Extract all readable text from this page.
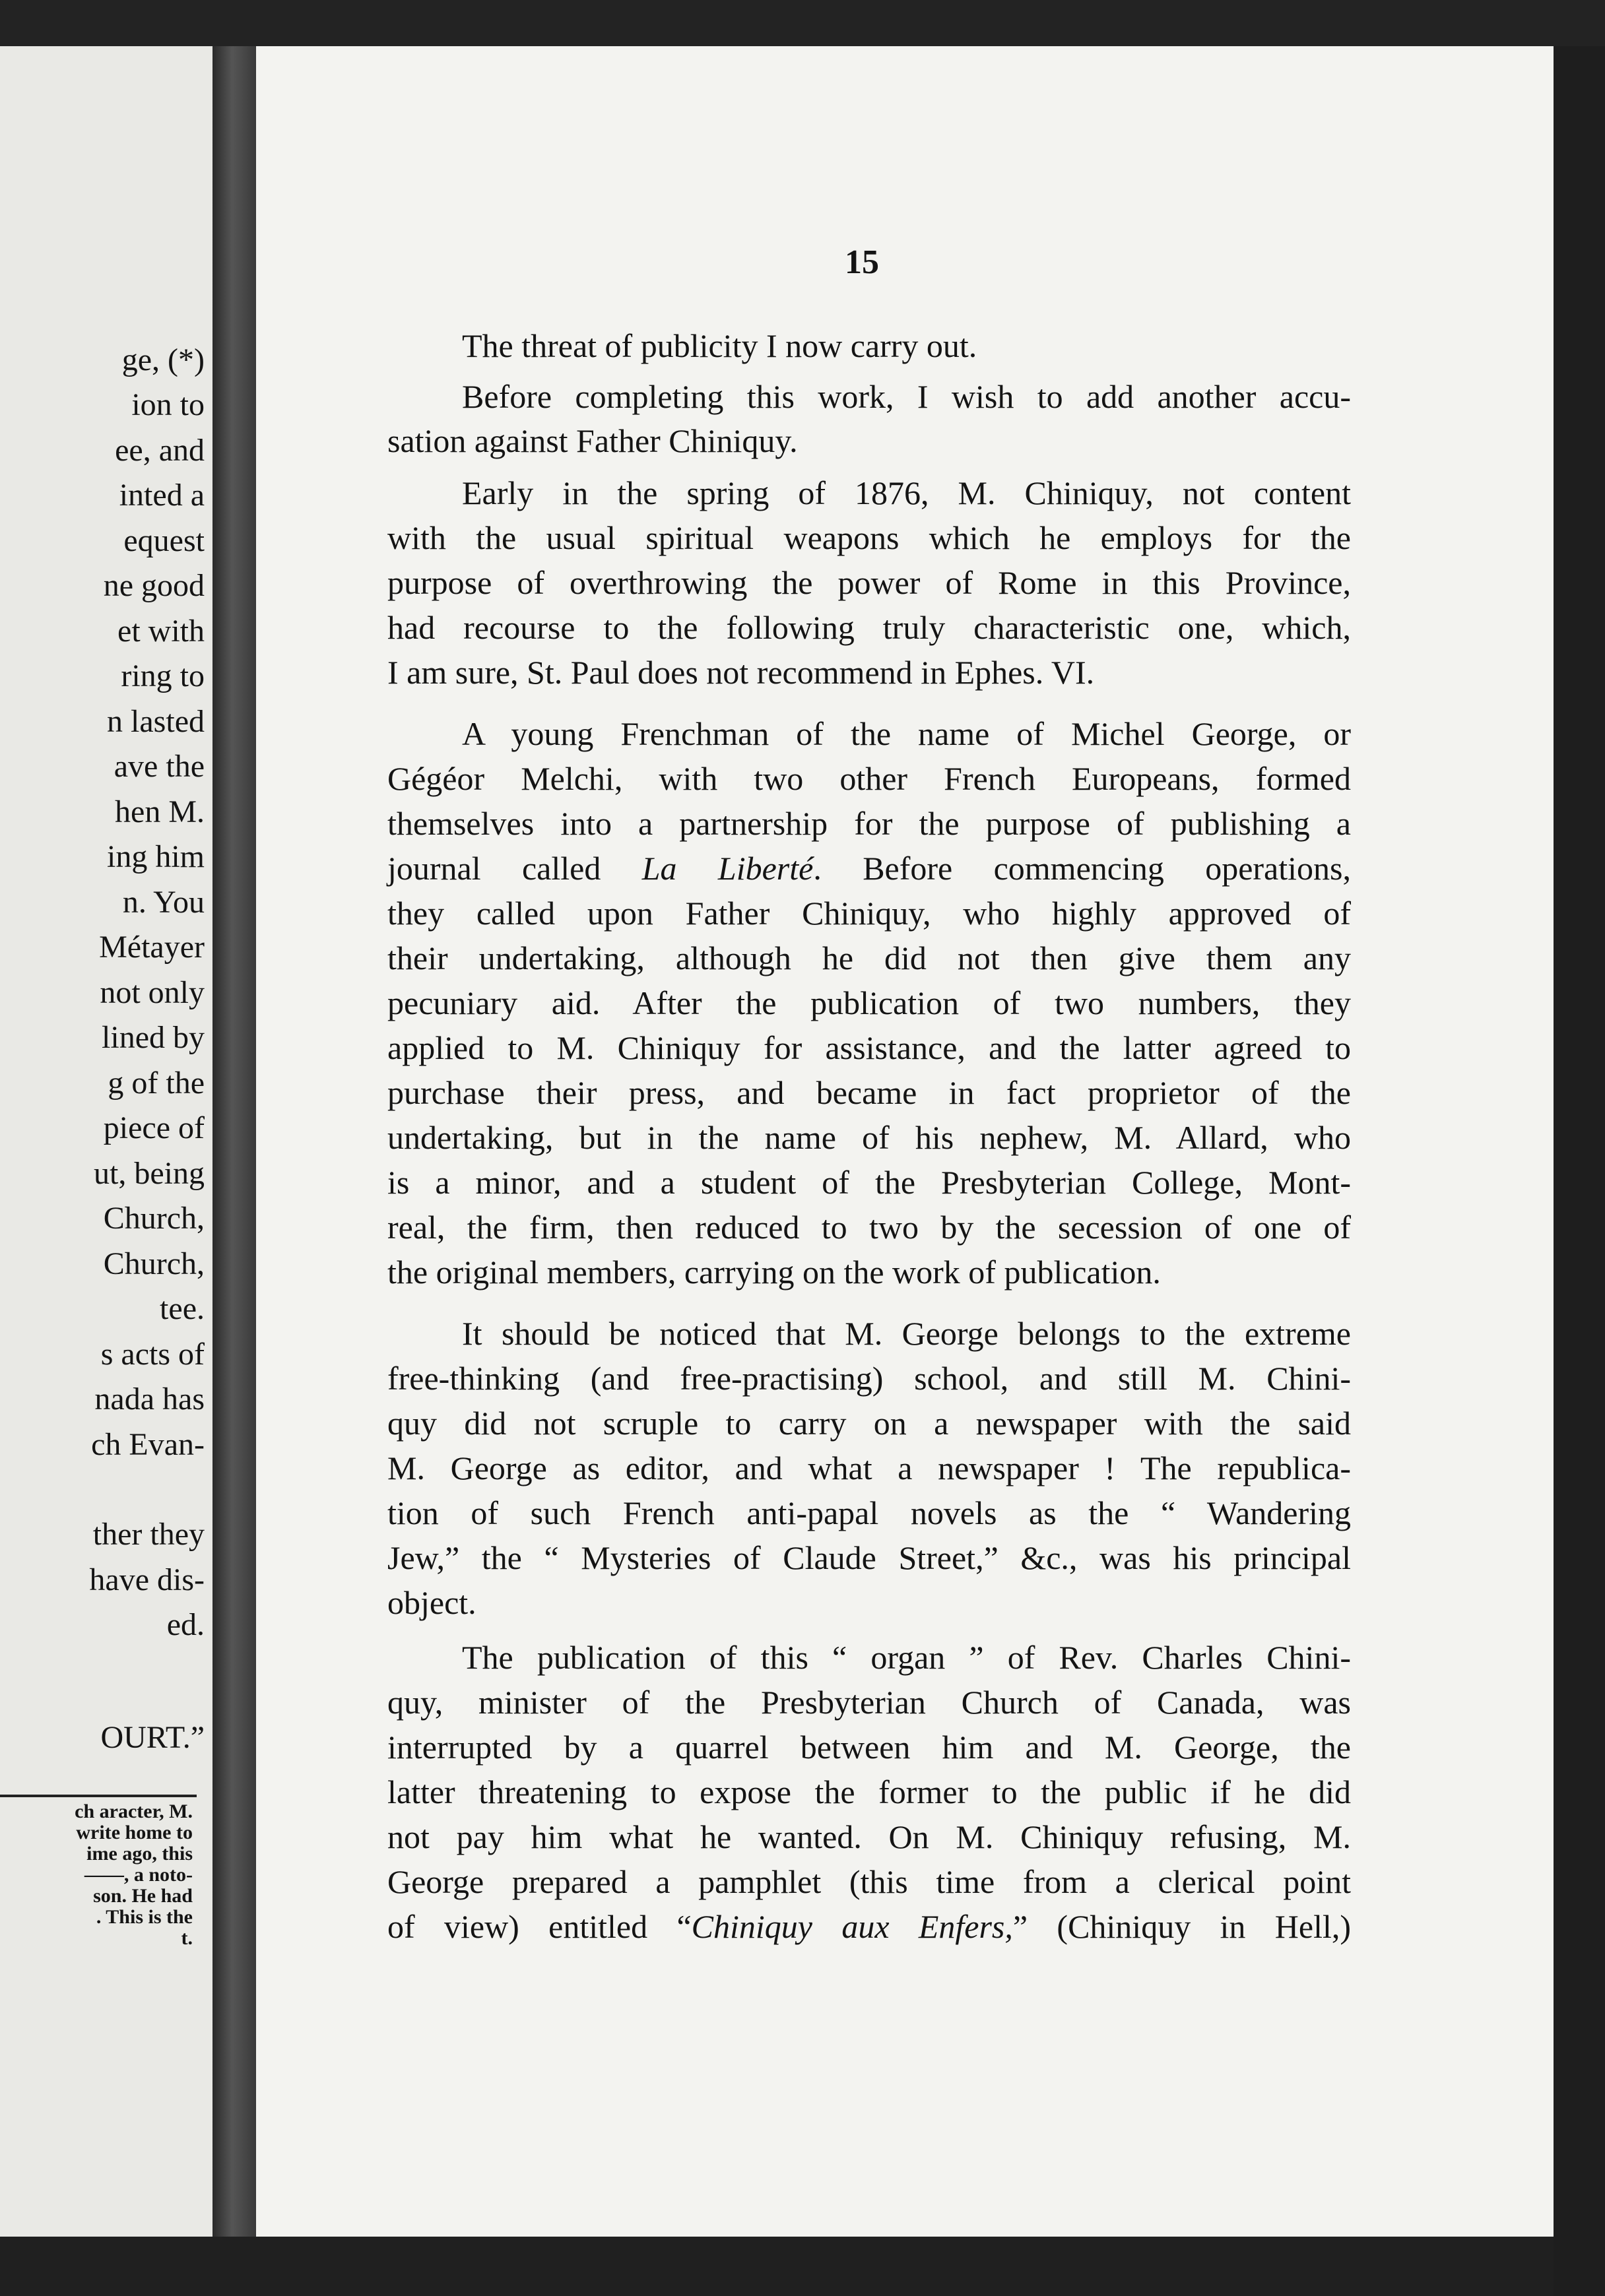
ge, (*)
ion to
ee, and
inted a
equest
ne good
et with
ring to
n lasted
ave the
hen M.
ing him
n. You
Métayer
not only
lined by
g of the
piece of
ut, being
Church,
Church,
tee.
s acts of
nada has
ch Evan-
ther they
have dis-
ed.
OURT.”
ch aracter, M.
write home to
ime ago, this
——, a noto-
son. He had
. This is the
t.
15
The threat of publicity I now carry out.
Before completing this work, I wish to add another accu-
sation against Father Chiniquy.
Early in the spring of 1876, M. Chiniquy, not content
with the usual spiritual weapons which he employs for the
purpose of overthrowing the power of Rome in this Province,
had recourse to the following truly characteristic one, which,
I am sure, St. Paul does not recommend in Ephes. VI.
A young Frenchman of the name of Michel George, or
Gégéor Melchi, with two other French Europeans, formed
themselves into a partnership for the purpose of publishing a
journal called La Liberté. Before commencing operations,
they called upon Father Chiniquy, who highly approved of
their undertaking, although he did not then give them any
pecuniary aid. After the publication of two numbers, they
applied to M. Chiniquy for assistance, and the latter agreed to
purchase their press, and became in fact proprietor of the
undertaking, but in the name of his nephew, M. Allard, who
is a minor, and a student of the Presbyterian College, Mont-
real, the firm, then reduced to two by the secession of one of
the original members, carrying on the work of publication.
It should be noticed that M. George belongs to the extreme
free-thinking (and free-practising) school, and still M. Chini-
quy did not scruple to carry on a newspaper with the said
M. George as editor, and what a newspaper ! The republica-
tion of such French anti-papal novels as the “ Wandering
Jew,” the “ Mysteries of Claude Street,” &c., was his principal
object.
The publication of this “ organ ” of Rev. Charles Chini-
quy, minister of the Presbyterian Church of Canada, was
interrupted by a quarrel between him and M. George, the
latter threatening to expose the former to the public if he did
not pay him what he wanted. On M. Chiniquy refusing, M.
George prepared a pamphlet (this time from a clerical point
of view) entitled “Chiniquy aux Enfers,” (Chiniquy in Hell,)
